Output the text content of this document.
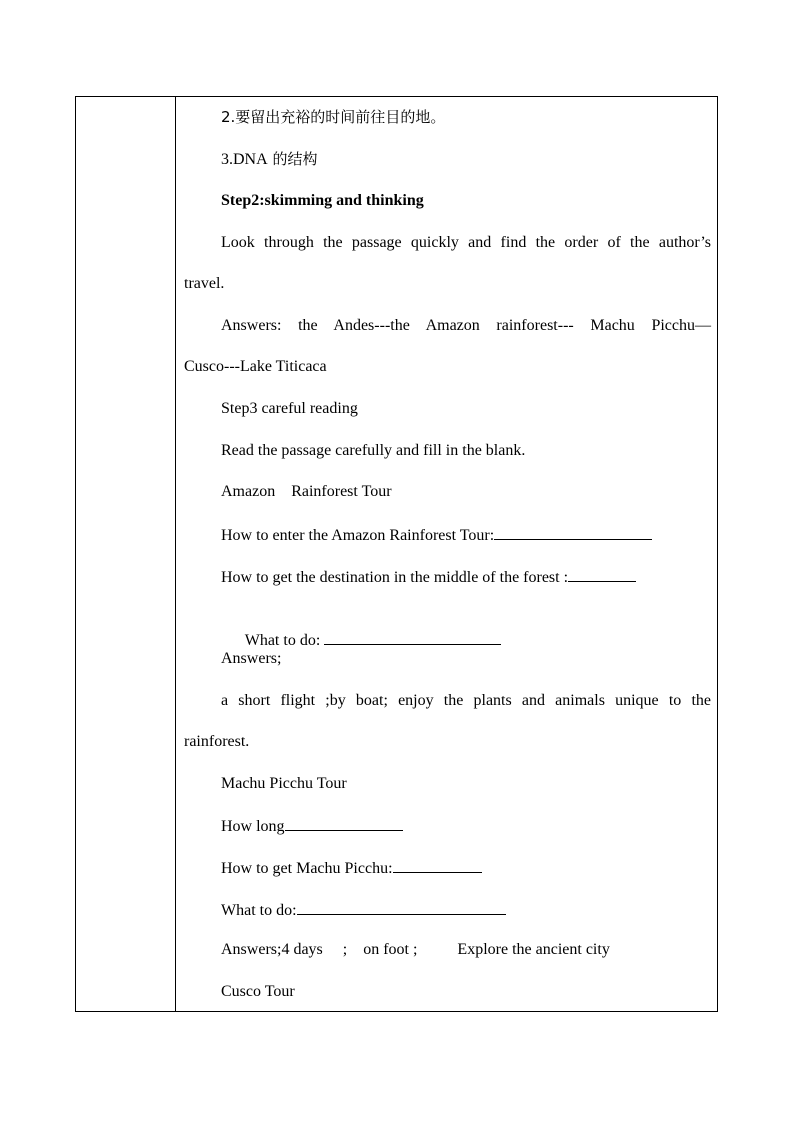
2.要留出充裕的时间前往目的地。
3.DNA 的结构
Step2:skimming and thinking
Look through the passage quickly and find the order of the author’s
travel.
Answers: the Andes---the Amazon rainforest--- Machu Picchu—
Cusco---Lake Titicaca
Step3 careful reading
Read the passage carefully and fill in the blank.
Amazon    Rainforest Tour
How to enter the Amazon Rainforest Tour:
How to get the destination in the middle of the forest :

What to do:

Answers;
a short flight ;by boat; enjoy the plants and animals unique to the
rainforest.
Machu Picchu Tour
How long
How to get Machu Picchu:
What to do:
Answers;4 days     ;    on foot ;          Explore the ancient city
Cusco Tour
